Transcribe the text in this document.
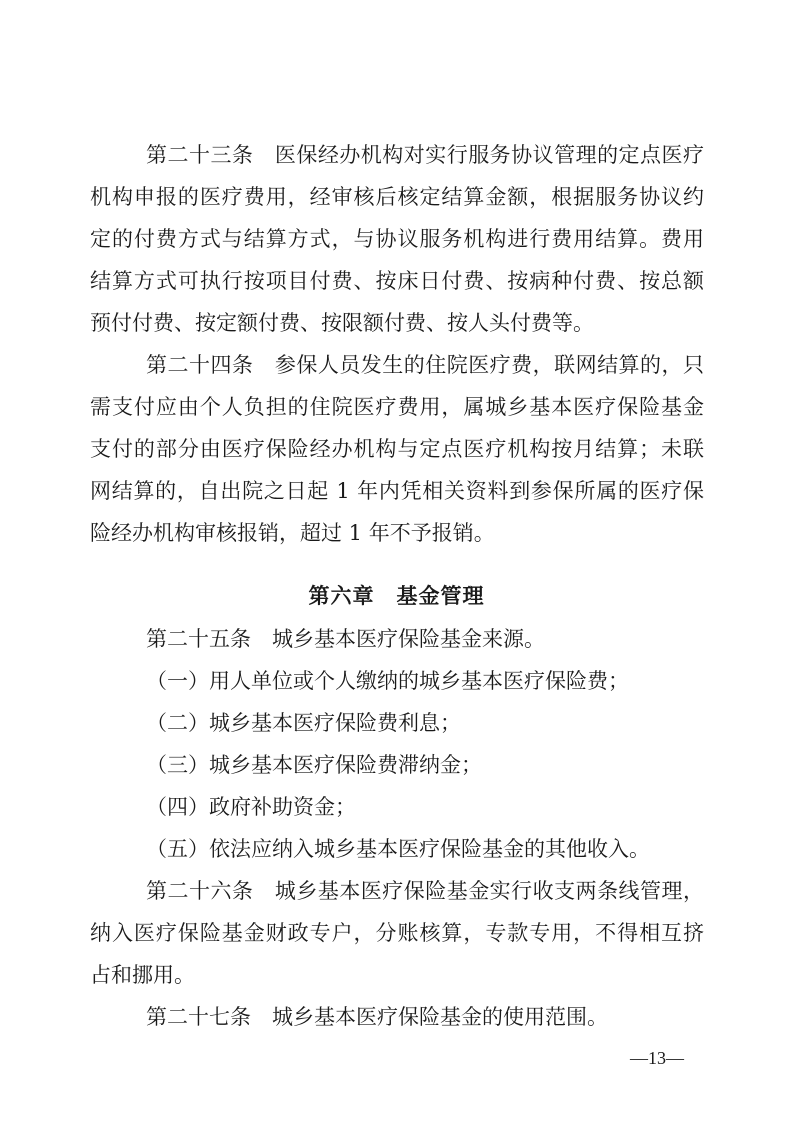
第二十三条　医保经办机构对实行服务协议管理的定点医疗
机构申报的医疗费用，经审核后核定结算金额，根据服务协议约
定的付费方式与结算方式，与协议服务机构进行费用结算。费用
结算方式可执行按项目付费、按床日付费、按病种付费、按总额
预付付费、按定额付费、按限额付费、按人头付费等。
第二十四条　参保人员发生的住院医疗费，联网结算的，只
需支付应由个人负担的住院医疗费用，属城乡基本医疗保险基金
支付的部分由医疗保险经办机构与定点医疗机构按月结算；未联
网结算的，自出院之日起 1 年内凭相关资料到参保所属的医疗保
险经办机构审核报销，超过 1 年不予报销。
第六章　基金管理
第二十五条　城乡基本医疗保险基金来源。
（一）用人单位或个人缴纳的城乡基本医疗保险费；
（二）城乡基本医疗保险费利息；
（三）城乡基本医疗保险费滞纳金；
（四）政府补助资金；
（五）依法应纳入城乡基本医疗保险基金的其他收入。
第二十六条　城乡基本医疗保险基金实行收支两条线管理，
纳入医疗保险基金财政专户，分账核算，专款专用，不得相互挤
占和挪用。
第二十七条　城乡基本医疗保险基金的使用范围。
—13—
